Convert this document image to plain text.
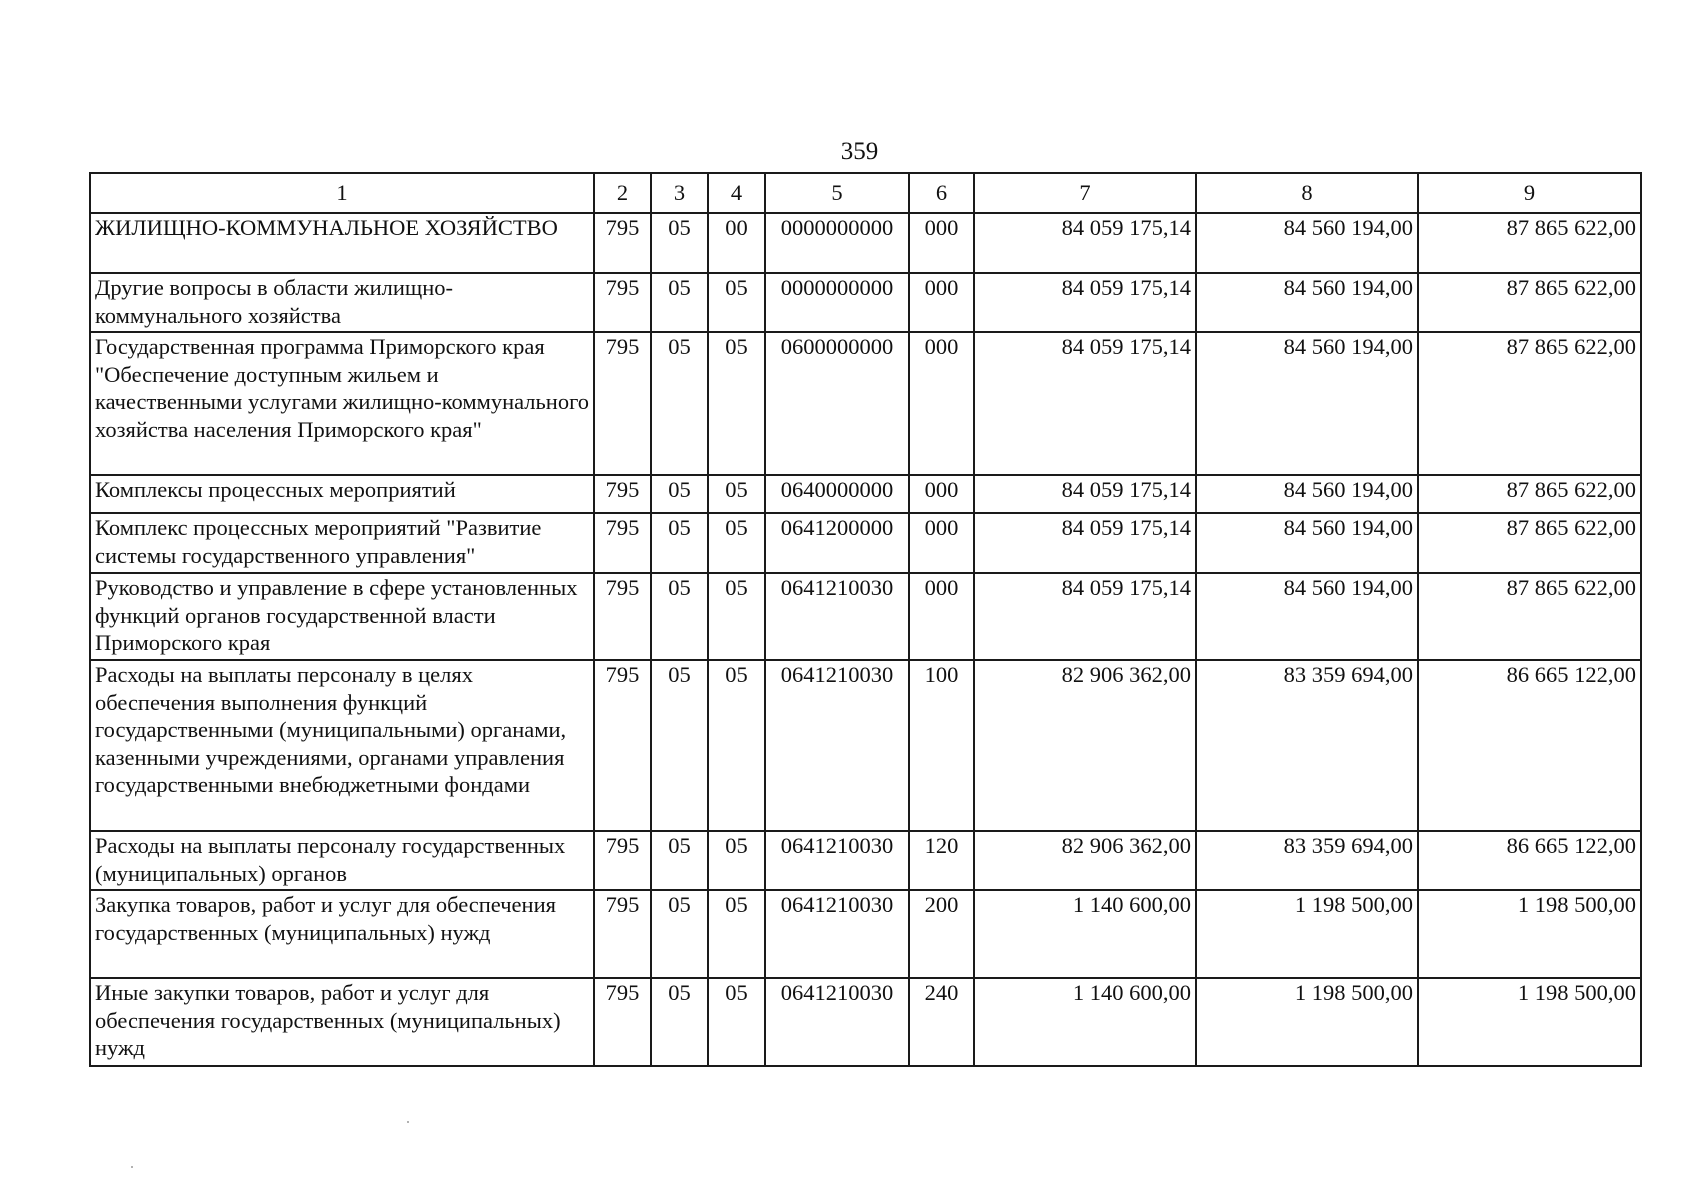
359
1	2	3	4	5	6	7	8	9
ЖИЛИЩНО-КОММУНАЛЬНОЕ ХОЗЯЙСТВО	795	05	00	0000000000	000	84 059 175,14	84 560 194,00	87 865 622,00
Другие вопросы в области жилищно-коммунального хозяйства	795	05	05	0000000000	000	84 059 175,14	84 560 194,00	87 865 622,00
Государственная программа Приморского края "Обеспечение доступным жильем и качественными услугами жилищно-коммунального хозяйства населения Приморского края"	795	05	05	0600000000	000	84 059 175,14	84 560 194,00	87 865 622,00
Комплексы процессных мероприятий	795	05	05	0640000000	000	84 059 175,14	84 560 194,00	87 865 622,00
Комплекс процессных мероприятий "Развитие системы государственного управления"	795	05	05	0641200000	000	84 059 175,14	84 560 194,00	87 865 622,00
Руководство и управление в сфере установленных функций органов государственной власти Приморского края	795	05	05	0641210030	000	84 059 175,14	84 560 194,00	87 865 622,00
Расходы на выплаты персоналу в целях обеспечения выполнения функций государственными (муниципальными) органами, казенными учреждениями, органами управления государственными внебюджетными фондами	795	05	05	0641210030	100	82 906 362,00	83 359 694,00	86 665 122,00
Расходы на выплаты персоналу государственных (муниципальных) органов	795	05	05	0641210030	120	82 906 362,00	83 359 694,00	86 665 122,00
Закупка товаров, работ и услуг для обеспечения государственных (муниципальных) нужд	795	05	05	0641210030	200	1 140 600,00	1 198 500,00	1 198 500,00
Иные закупки товаров, работ и услуг для обеспечения государственных (муниципальных) нужд	795	05	05	0641210030	240	1 140 600,00	1 198 500,00	1 198 500,00
